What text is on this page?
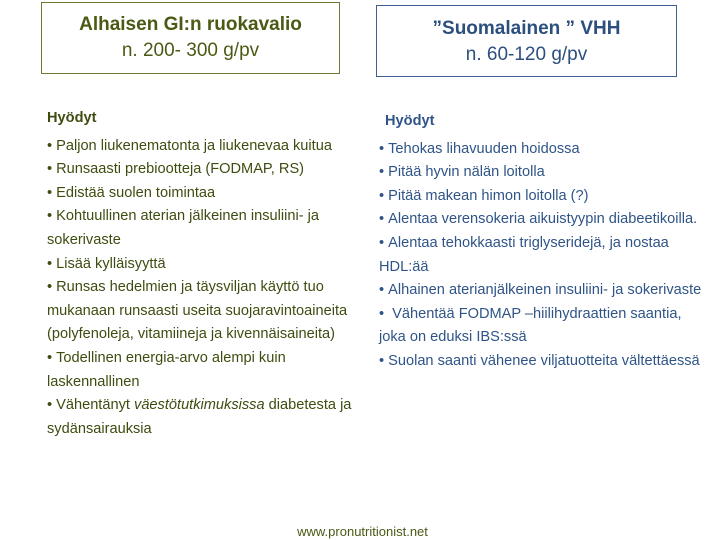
Alhaisen GI:n ruokavalio
n. 200- 300 g/pv
”Suomalainen ” VHH
n. 60-120 g/pv
Hyödyt
• Paljon liukenematonta ja liukenevaa kuitua
• Runsaasti prebiootteja (FODMAP, RS)
• Edistää suolen toimintaa
• Kohtuullinen aterian jälkeinen insuliini- ja sokerivaste
• Lisää kylläisyyttä
• Runsas hedelmien ja täysviljan käyttö tuo mukanaan runsaasti useita suojaravintoaineita (polyfenoleja, vitamiineja ja kivennäisaineita)
• Todellinen energia-arvo alempi kuin laskennallinen
• Vähentänyt väestötutkimuksissa diabetesta ja sydänsairauksia
Hyödyt
• Tehokas lihavuuden hoidossa
• Pitää hyvin nälän loitolla
• Pitää makean himon loitolla (?)
• Alentaa verensokeria aikuistyypin diabeetikoilla.
• Alentaa tehokkaasti triglyseridejä, ja nostaa HDL:ää
• Alhainen aterianjälkeinen insuliini- ja sokerivaste
• Vähentää FODMAP –hiilihydraattien saantia, joka on eduksi IBS:ssä
• Suolan saanti vähenee viljatuotteita vältettäessä
www.pronutritionist.net
